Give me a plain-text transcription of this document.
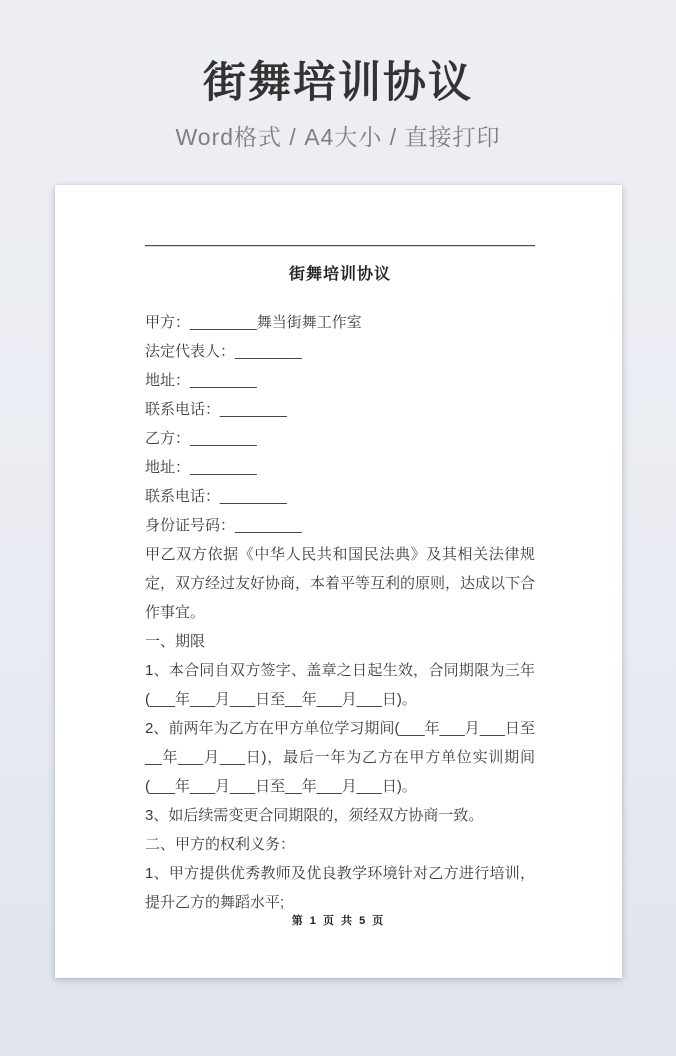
街舞培训协议
Word格式 / A4大小 / 直接打印
街舞培训协议

甲方：________舞当街舞工作室

法定代表人：________

地址：________

联系电话：________

乙方：________

地址：________

联系电话：________

身份证号码：________

甲乙双方依据《中华人民共和国民法典》及其相关法律规定，双方经过友好协商，本着平等互利的原则，达成以下合作事宜。

一、期限

1、本合同自双方签字、盖章之日起生效，合同期限为三年(___年___月___日至__年___月___日)。

2、前两年为乙方在甲方单位学习期间(___年___月___日至__年___月___日)，最后一年为乙方在甲方单位实训期间(___年___月___日至__年___月___日)。

3、如后续需变更合同期限的，须经双方协商一致。

二、甲方的权利义务：

1、甲方提供优秀教师及优良教学环境针对乙方进行培训，提升乙方的舞蹈水平;

第 1 页 共 5 页
